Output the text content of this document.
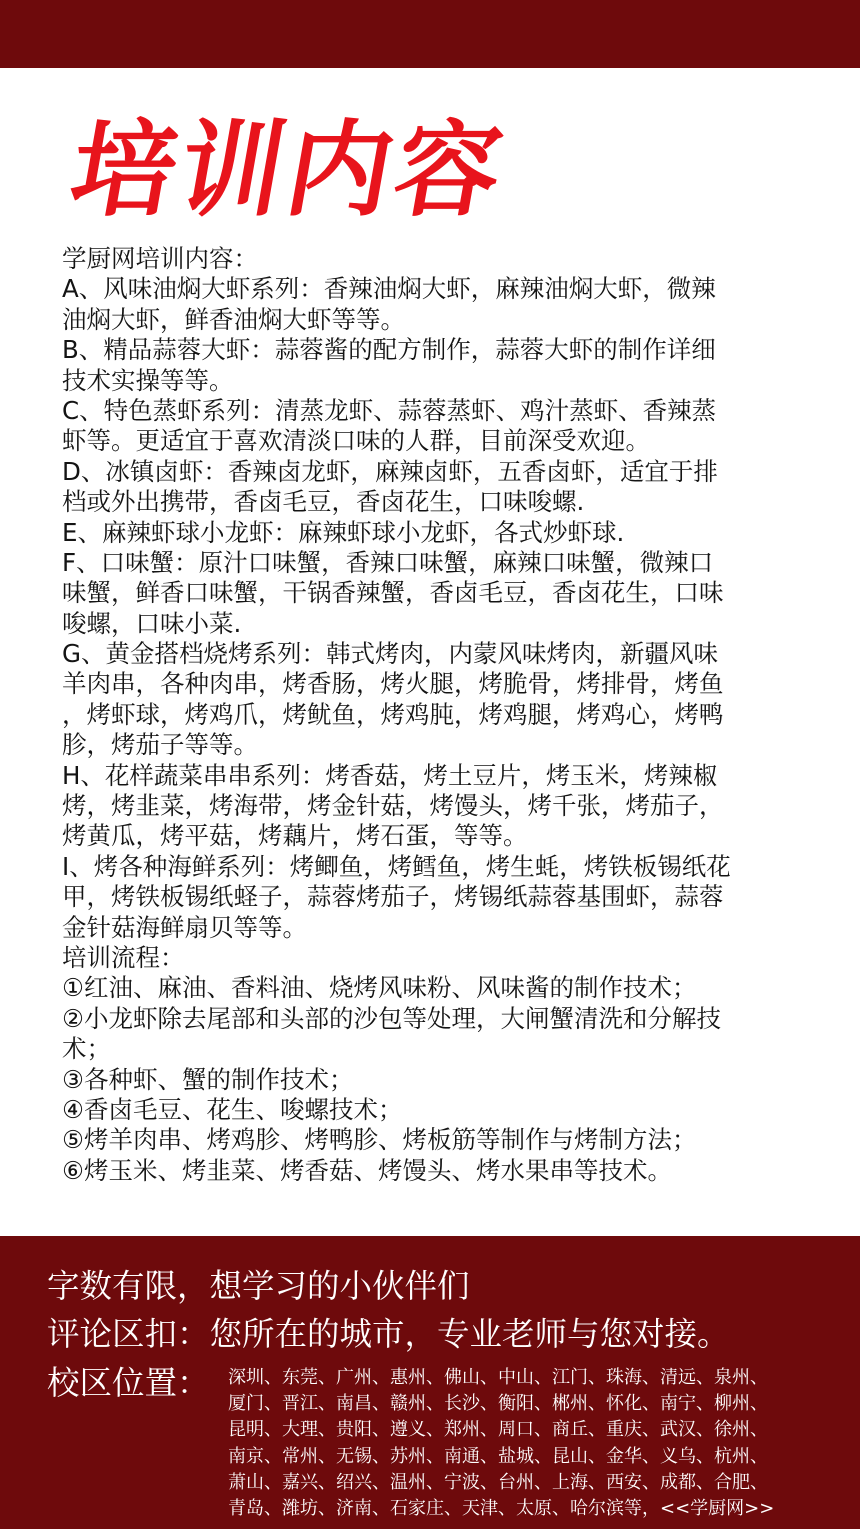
培训内容
学厨网培训内容：
A、风味油焖大虾系列：香辣油焖大虾，麻辣油焖大虾，微辣
油焖大虾，鲜香油焖大虾等等。
B、精品蒜蓉大虾：蒜蓉酱的配方制作，蒜蓉大虾的制作详细
技术实操等等。
C、特色蒸虾系列：清蒸龙虾、蒜蓉蒸虾、鸡汁蒸虾、香辣蒸
虾等。更适宜于喜欢清淡口味的人群，目前深受欢迎。
D、冰镇卤虾：香辣卤龙虾，麻辣卤虾，五香卤虾，适宜于排
档或外出携带，香卤毛豆，香卤花生，口味唆螺.
E、麻辣虾球小龙虾：麻辣虾球小龙虾，各式炒虾球.
F、口味蟹：原汁口味蟹，香辣口味蟹，麻辣口味蟹，微辣口
味蟹，鲜香口味蟹，干锅香辣蟹，香卤毛豆，香卤花生，口味
唆螺，口味小菜.
G、黄金搭档烧烤系列：韩式烤肉，内蒙风味烤肉，新疆风味
羊肉串，各种肉串，烤香肠，烤火腿，烤脆骨，烤排骨，烤鱼
，烤虾球，烤鸡爪，烤鱿鱼，烤鸡肫，烤鸡腿，烤鸡心，烤鸭
胗，烤茄子等等。
H、花样蔬菜串串系列：烤香菇，烤土豆片，烤玉米，烤辣椒
烤，烤韭菜，烤海带，烤金针菇，烤馒头，烤千张，烤茄子，
烤黄瓜，烤平菇，烤藕片，烤石蛋，等等。
I、烤各种海鲜系列：烤鲫鱼，烤鳕鱼，烤生蚝，烤铁板锡纸花
甲，烤铁板锡纸蛏子，蒜蓉烤茄子，烤锡纸蒜蓉基围虾，蒜蓉
金针菇海鲜扇贝等等。
培训流程：
①红油、麻油、香料油、烧烤风味粉、风味酱的制作技术；
②小龙虾除去尾部和头部的沙包等处理，大闸蟹清洗和分解技
术；
③各种虾、蟹的制作技术；
④香卤毛豆、花生、唆螺技术；
⑤烤羊肉串、烤鸡胗、烤鸭胗、烤板筋等制作与烤制方法；
⑥烤玉米、烤韭菜、烤香菇、烤馒头、烤水果串等技术。
字数有限，想学习的小伙伴们
评论区扣：您所在的城市，专业老师与您对接。
校区位置： 深圳、东莞、广州、惠州、佛山、中山、江门、珠海、清远、泉州、
厦门、晋江、南昌、赣州、长沙、衡阳、郴州、怀化、南宁、柳州、
昆明、大理、贵阳、遵义、郑州、周口、商丘、重庆、武汉、徐州、
南京、常州、无锡、苏州、南通、盐城、昆山、金华、义乌、杭州、
萧山、嘉兴、绍兴、温州、宁波、台州、上海、西安、成都、合肥、
青岛、潍坊、济南、石家庄、天津、太原、哈尔滨等，<<学厨网>>
